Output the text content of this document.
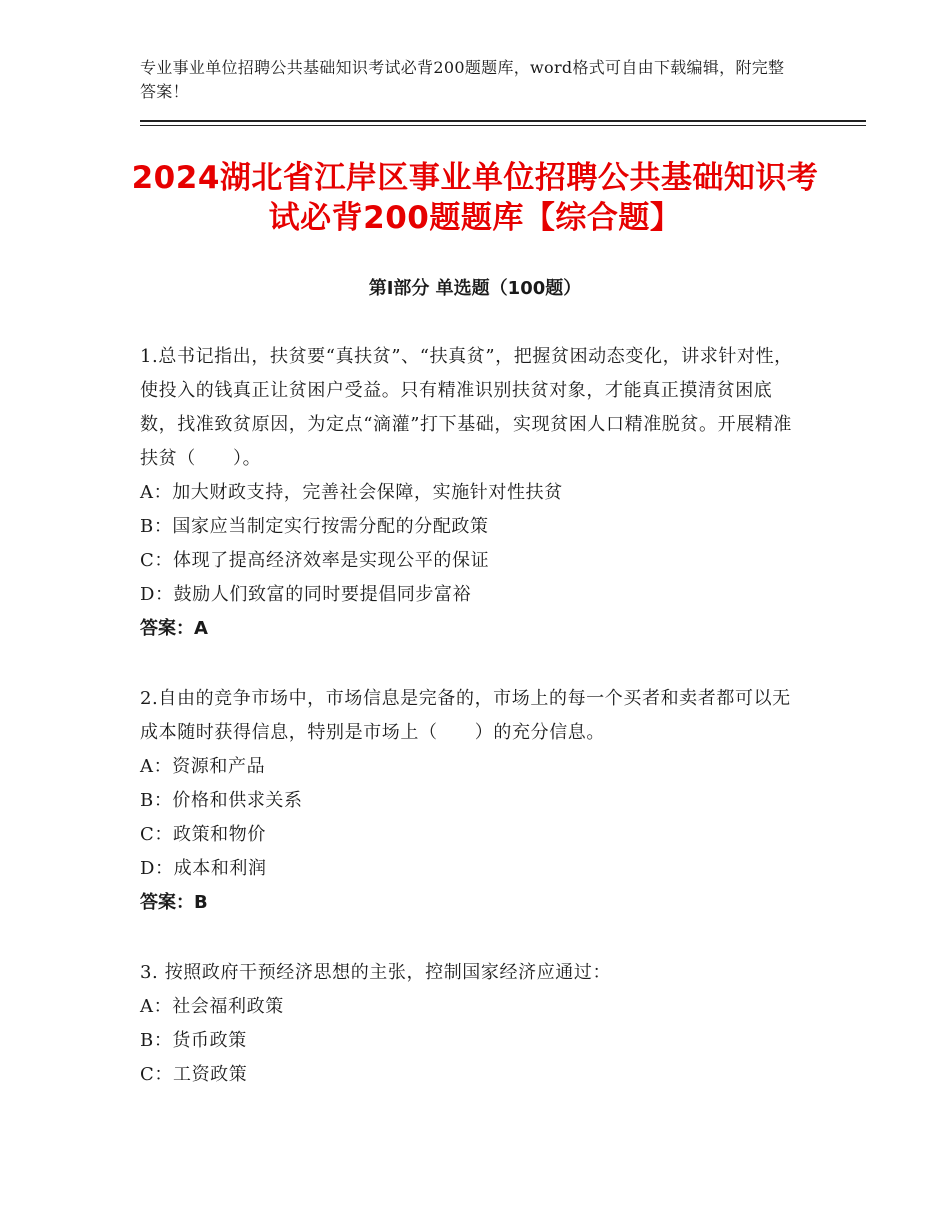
专业事业单位招聘公共基础知识考试必背200题题库，word格式可自由下载编辑，附完整答案！
2024湖北省江岸区事业单位招聘公共基础知识考试必背200题题库【综合题】
第Ⅰ部分 单选题（100题）
1.总书记指出，扶贫要“真扶贫”、“扶真贫”，把握贫困动态变化，讲求针对性，使投入的钱真正让贫困户受益。只有精准识别扶贫对象，才能真正摸清贫困底数，找准致贫原因，为定点“滴灌”打下基础，实现贫困人口精准脱贫。开展精准扶贫（　　）。
A：加大财政支持，完善社会保障，实施针对性扶贫
B：国家应当制定实行按需分配的分配政策
C：体现了提高经济效率是实现公平的保证
D：鼓励人们致富的同时要提倡同步富裕
答案：A
2.自由的竞争市场中，市场信息是完备的，市场上的每一个买者和卖者都可以无成本随时获得信息，特别是市场上（　　）的充分信息。
A：资源和产品
B：价格和供求关系
C：政策和物价
D：成本和利润
答案：B
3. 按照政府干预经济思想的主张，控制国家经济应通过：
A：社会福利政策
B：货币政策
C：工资政策
